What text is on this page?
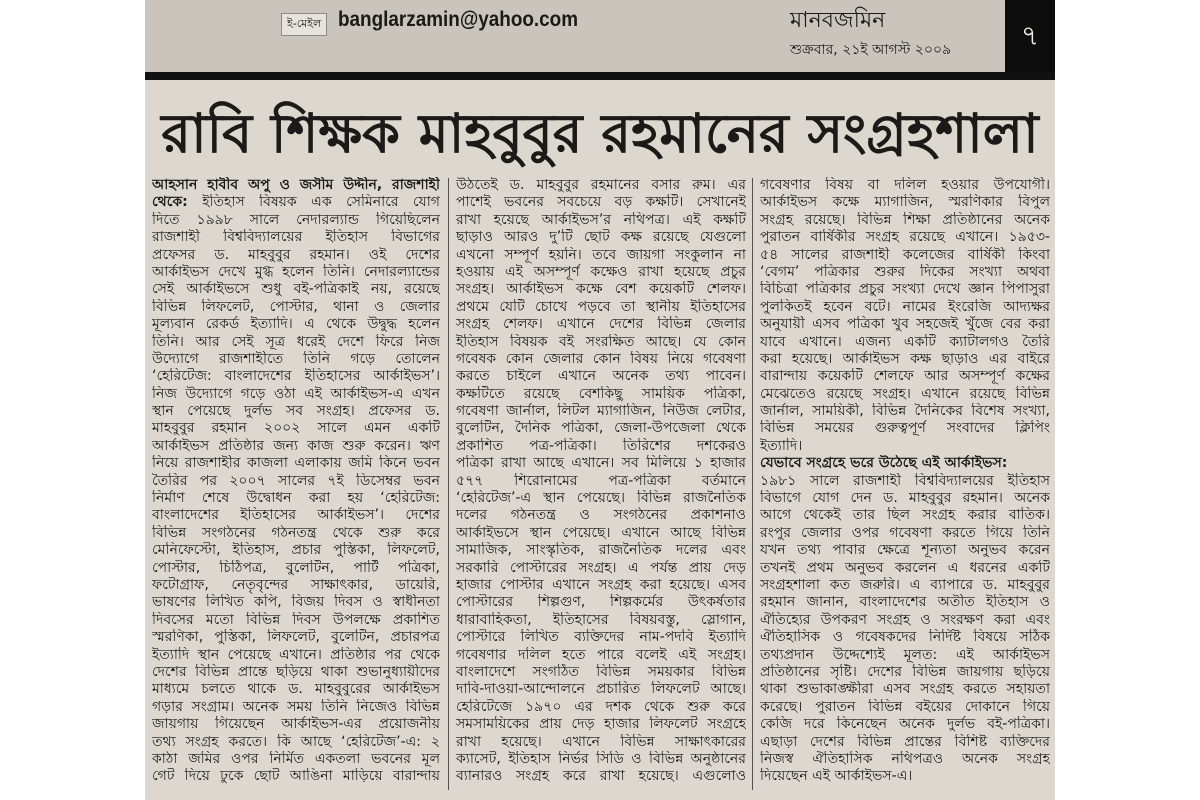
ই-মেইল banglarzamin@yahoo.com	মানবজমিন
শুক্রবার, ২১ই আগস্ট ২০০৯	৭
রাবি শিক্ষক মাহবুবুর রহমানের সংগ্রহশালা
আহসান হাবীব অপু ও জসীম উদ্দীন, রাজশাহী
থেকে: ইতিহাস বিষয়ক এক সেমিনারে যোগ
দিতে ১৯৯৮ সালে নেদারল্যান্ড গিয়েছিলেন
রাজশাহী বিশ্ববিদ্যালয়ের ইতিহাস বিভাগের
প্রফেসর ড. মাহবুবুর রহমান। ওই দেশের
আর্কাইভস দেখে মুগ্ধ হলেন তিনি। নেদারল্যান্ডের
সেই আর্কাইভসে শুধু বই-পত্রিকাই নয়, রয়েছে
বিভিন্ন লিফলেট, পোস্টার, থানা ও জেলার
মূল্যবান রেকর্ড ইত্যাদি। এ থেকে উদ্বুদ্ধ হলেন
তিনি। আর সেই সূত্র ধরেই দেশে ফিরে নিজ
উদ্যোগে রাজশাহীতে তিনি গড়ে তোলেন
‘হেরিটেজ: বাংলাদেশের ইতিহাসের আর্কাইভস’।
নিজ উদ্যোগে গড়ে ওঠা এই আর্কাইভস-এ এখন
স্থান পেয়েছে দুর্লভ সব সংগ্রহ। প্রফেসর ড.
মাহবুবুর রহমান ২০০২ সালে এমন একটি
আর্কাইভস প্রতিষ্ঠার জন্য কাজ শুরু করেন। ঋণ
নিয়ে রাজশাহীর কাজলা এলাকায় জমি কিনে ভবন
তৈরির পর ২০০৭ সালের ৭ই ডিসেম্বর ভবন
নির্মাণ শেষে উদ্বোধন করা হয় ‘হেরিটেজ:
বাংলাদেশের ইতিহাসের আর্কাইভস’। দেশের
বিভিন্ন সংগঠনের গঠনতন্ত্র থেকে শুরু করে
মেনিফেস্টো, ইতিহাস, প্রচার পুস্তিকা, লিফলেট,
পোস্টার, চিঠিপত্র, বুলেটিন, পার্টি পত্রিকা,
ফটোগ্রাফ, নেতৃবৃন্দের সাক্ষাৎকার, ডায়েরি,
ভাষণের লিখিত কপি, বিজয় দিবস ও স্বাধীনতা
দিবসের মতো বিভিন্ন দিবস উপলক্ষে প্রকাশিত
স্মরণিকা, পুস্তিকা, লিফলেট, বুলেটিন, প্রচারপত্র
ইত্যাদি স্থান পেয়েছে এখানে। প্রতিষ্ঠার পর থেকে
দেশের বিভিন্ন প্রান্তে ছড়িয়ে থাকা শুভানুধ্যায়ীদের
মাধ্যমে চলতে থাকে ড. মাহবুবুরের আর্কাইভস
গড়ার সংগ্রাম। অনেক সময় তিনি নিজেও বিভিন্ন
জায়গায় গিয়েছেন আর্কাইভস-এর প্রয়োজনীয়
তথ্য সংগ্রহ করতে। কি আছে ‘হেরিটেজ’-এ: ২
কাঠা জমির ওপর নির্মিত একতলা ভবনের মূল
গেট দিয়ে ঢুকে ছোট আঙিনা মাড়িয়ে বারান্দায়
উঠতেই ড. মাহবুবুর রহমানের বসার রুম। এর
পাশেই ভবনের সবচেয়ে বড় কক্ষটি। সেখানেই
রাখা হয়েছে আর্কাইভস’র নথিপত্র। এই কক্ষটি
ছাড়াও আরও দু’টি ছোট কক্ষ রয়েছে যেগুলো
এখনো সম্পূর্ণ হয়নি। তবে জায়গা সংকুলান না
হওয়ায় এই অসম্পূর্ণ কক্ষেও রাখা হয়েছে প্রচুর
সংগ্রহ। আর্কাইভস কক্ষে বেশ কয়েকটি শেলফ।
প্রথমে যেটি চোখে পড়বে তা স্থানীয় ইতিহাসের
সংগ্রহ শেলফ। এখানে দেশের বিভিন্ন জেলার
ইতিহাস বিষয়ক বই সংরক্ষিত আছে। যে কোন
গবেষক কোন জেলার কোন বিষয় নিয়ে গবেষণা
করতে চাইলে এখানে অনেক তথ্য পাবেন।
কক্ষটিতে রয়েছে বেশকিছু সাময়িক পত্রিকা,
গবেষণা জার্নাল, লিটল ম্যাগাজিন, নিউজ লেটার,
বুলেটিন, দৈনিক পত্রিকা, জেলা-উপজেলা থেকে
প্রকাশিত পত্র-পত্রিকা। তিরিশের দশকেরও
পত্রিকা রাখা আছে এখানে। সব মিলিয়ে ১ হাজার
৫৭৭ শিরোনামের পত্র-পত্রিকা বর্তমানে
‘হেরিটেজ’-এ স্থান পেয়েছে। বিভিন্ন রাজনৈতিক
দলের গঠনতন্ত্র ও সংগঠনের প্রকাশনাও
আর্কাইভসে স্থান পেয়েছে। এখানে আছে বিভিন্ন
সামাজিক, সাংস্কৃতিক, রাজনৈতিক দলের এবং
সরকারি পোস্টারের সংগ্রহ। এ পর্যন্ত প্রায় দেড়
হাজার পোস্টার এখানে সংগ্রহ করা হয়েছে। এসব
পোস্টারের শিল্পগুণ, শিল্পকর্মের উৎকর্ষতার
ধারাবাহিকতা, ইতিহাসের বিষয়বস্তু, স্লোগান,
পোস্টারে লিখিত ব্যক্তিদের নাম-পদবি ইত্যাদি
গবেষণার দলিল হতে পারে বলেই এই সংগ্রহ।
বাংলাদেশে সংগঠিত বিভিন্ন সময়কার বিভিন্ন
দাবি-দাওয়া-আন্দোলনে প্রচারিত লিফলেট আছে।
হেরিটেজে ১৯৭০ এর দশক থেকে শুরু করে
সমসাময়িকের প্রায় দেড় হাজার লিফলেট সংগ্রহে
রাখা হয়েছে। এখানে বিভিন্ন সাক্ষাৎকারের
ক্যাসেট, ইতিহাস নির্ভর সিডি ও বিভিন্ন অনুষ্ঠানের
ব্যানারও সংগ্রহ করে রাখা হয়েছে। এগুলোও
গবেষণার বিষয় বা দলিল হওয়ার উপযোগী।
আর্কাইভস কক্ষে ম্যাগাজিন, স্মরণিকার বিপুল
সংগ্রহ রয়েছে। বিভিন্ন শিক্ষা প্রতিষ্ঠানের অনেক
পুরাতন বার্ষিকীর সংগ্রহ রয়েছে এখানে। ১৯৫৩-
৫৪ সালের রাজশাহী কলেজের বার্ষিকী কিংবা
‘বেগম’ পত্রিকার শুরুর দিকের সংখ্যা অথবা
বিচিত্রা পত্রিকার প্রচুর সংখ্যা দেখে জ্ঞান পিপাসুরা
পুলকিতই হবেন বটে। নামের ইংরেজি আদ্যক্ষর
অনুযায়ী এসব পত্রিকা খুব সহজেই খুঁজে বের করা
যাবে এখানে। এজন্য একটি ক্যাটালগও তৈরি
করা হয়েছে। আর্কাইভস কক্ষ ছাড়াও এর বাইরে
বারান্দায় কয়েকটি শেলফে আর অসম্পূর্ণ কক্ষের
মেঝেতেও রয়েছে সংগ্রহ। এখানে রয়েছে বিভিন্ন
জার্নাল, সাময়িকী, বিভিন্ন দৈনিকের বিশেষ সংখ্যা,
বিভিন্ন সময়ের গুরুত্বপূর্ণ সংবাদের ক্লিপিং
ইত্যাদি।
যেভাবে সংগ্রহে ভরে উঠেছে এই আর্কাইভস:
১৯৮১ সালে রাজশাহী বিশ্ববিদ্যালয়ের ইতিহাস
বিভাগে যোগ দেন ড. মাহবুবুর রহমান। অনেক
আগে থেকেই তার ছিল সংগ্রহ করার বাতিক।
রংপুর জেলার ওপর গবেষণা করতে গিয়ে তিনি
যখন তথ্য পাবার ক্ষেত্রে শূন্যতা অনুভব করেন
তখনই প্রথম অনুভব করলেন এ ধরনের একটি
সংগ্রহশালা কত জরুরি। এ ব্যাপারে ড. মাহবুবুর
রহমান জানান, বাংলাদেশের অতীত ইতিহাস ও
ঐতিহ্যের উপকরণ সংগ্রহ ও সংরক্ষণ করা এবং
ঐতিহাসিক ও গবেষকদের নির্দিষ্ট বিষয়ে সঠিক
তথ্যপ্রদান উদ্দেশ্যেই মূলত: এই আর্কাইভস
প্রতিষ্ঠানের সৃষ্টি। দেশের বিভিন্ন জায়গায় ছড়িয়ে
থাকা শুভাকাঙ্ক্ষীরা এসব সংগ্রহ করতে সহায়তা
করেছে। পুরাতন বিভিন্ন বইয়ের দোকানে গিয়ে
কেজি দরে কিনেছেন অনেক দুর্লভ বই-পত্রিকা।
এছাড়া দেশের বিভিন্ন প্রান্তের বিশিষ্ট ব্যক্তিদের
নিজস্ব ঐতিহাসিক নথিপত্রও অনেক সংগ্রহ
দিয়েছেন এই আর্কাইভস-এ।
